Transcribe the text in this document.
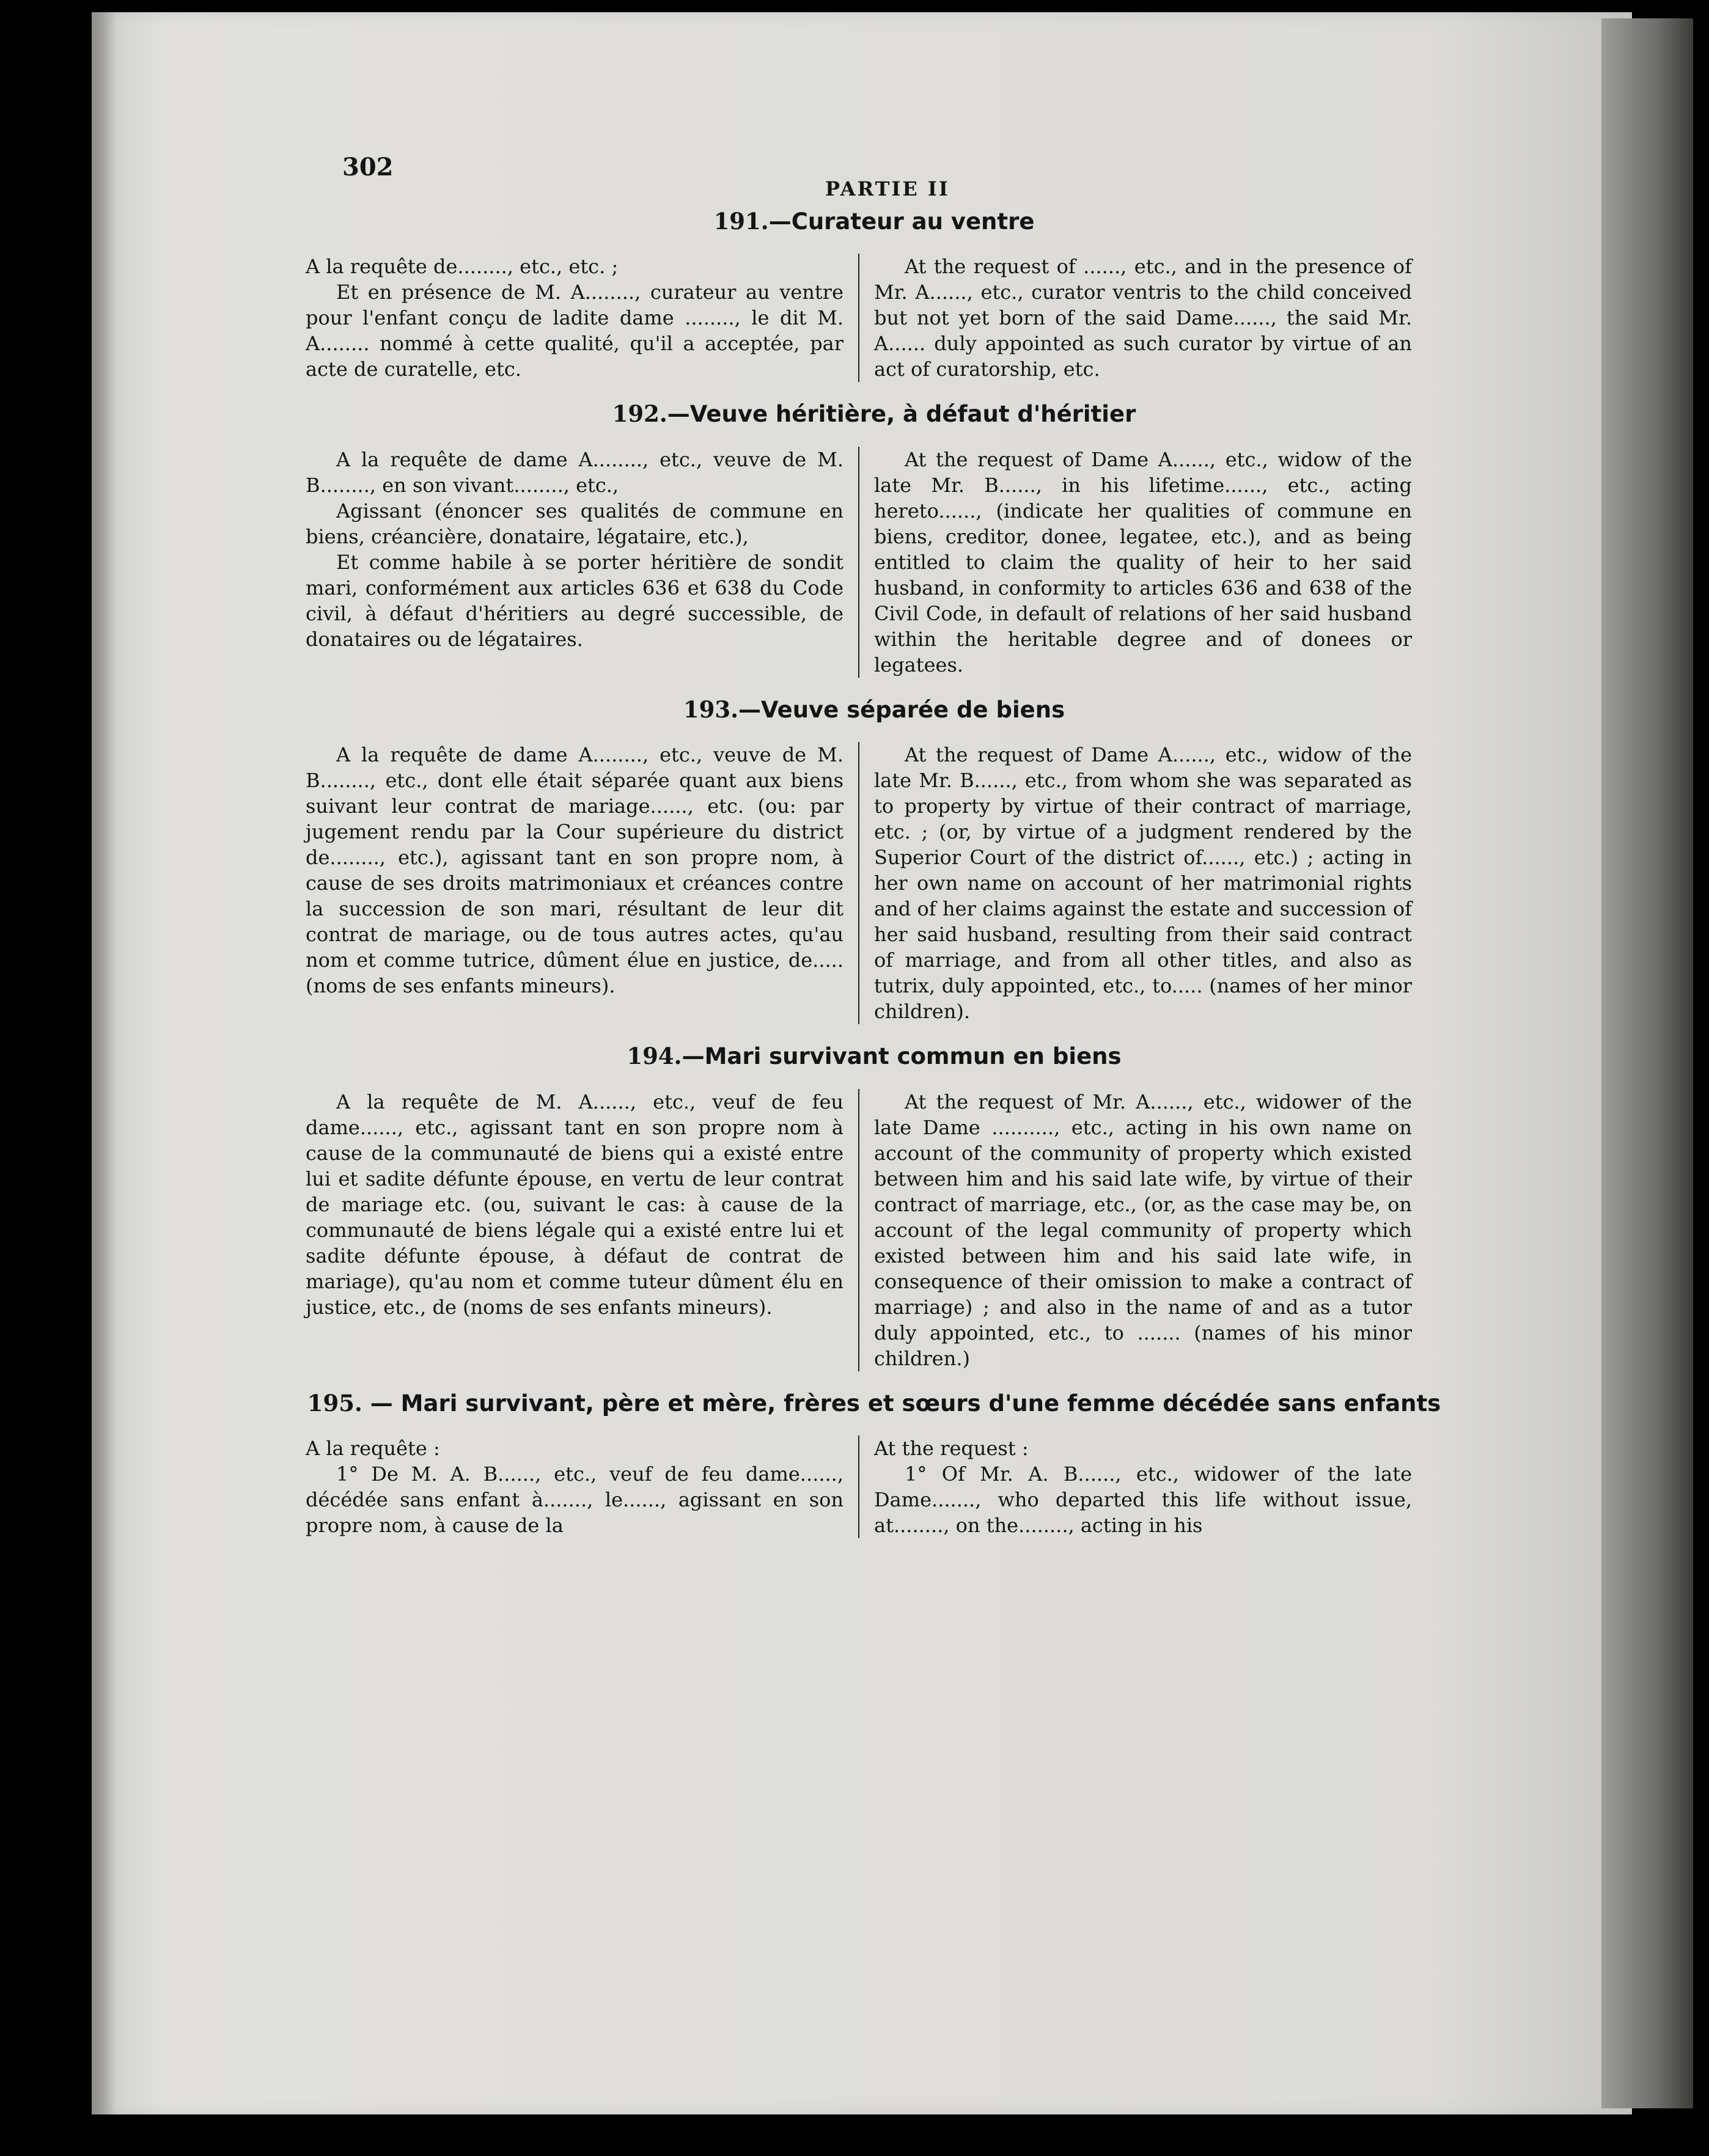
302
PARTIE II
191.—Curateur au ventre

A la requête de........, etc., etc. ;

Et en présence de M. A........, curateur au ventre pour l'enfant conçu de ladite dame ........, le dit M. A........ nommé à cette qualité, qu'il a acceptée, par acte de curatelle, etc.

At the request of ......, etc., and in the presence of Mr. A......, etc., curator ventris to the child conceived but not yet born of the said Dame......, the said Mr. A...... duly appointed as such curator by virtue of an act of curatorship, etc.

192.—Veuve héritière, à défaut d'héritier

A la requête de dame A........, etc., veuve de M. B........, en son vivant........, etc.,

Agissant (énoncer ses qualités de commune en biens, créancière, donataire, légataire, etc.),

Et comme habile à se porter héritière de sondit mari, conformément aux articles 636 et 638 du Code civil, à défaut d'héritiers au degré successible, de donataires ou de légataires.

At the request of Dame A......, etc., widow of the late Mr. B......, in his lifetime......, etc., acting hereto......, (indicate her qualities of commune en biens, creditor, donee, legatee, etc.), and as being entitled to claim the quality of heir to her said husband, in conformity to articles 636 and 638 of the Civil Code, in default of relations of her said husband within the heritable degree and of donees or legatees.

193.—Veuve séparée de biens

A la requête de dame A........, etc., veuve de M. B........, etc., dont elle était séparée quant aux biens suivant leur contrat de mariage......, etc. (ou: par jugement rendu par la Cour supérieure du district de........, etc.), agissant tant en son propre nom, à cause de ses droits matrimoniaux et créances contre la succession de son mari, résultant de leur dit contrat de mariage, ou de tous autres actes, qu'au nom et comme tutrice, dûment élue en justice, de..... (noms de ses enfants mineurs).

At the request of Dame A......, etc., widow of the late Mr. B......, etc., from whom she was separated as to property by virtue of their contract of marriage, etc. ; (or, by virtue of a judgment rendered by the Superior Court of the district of......, etc.) ; acting in her own name on account of her matrimonial rights and of her claims against the estate and succession of her said husband, resulting from their said contract of marriage, and from all other titles, and also as tutrix, duly appointed, etc., to..... (names of her minor children).

194.—Mari survivant commun en biens

A la requête de M. A......, etc., veuf de feu dame......, etc., agissant tant en son propre nom à cause de la communauté de biens qui a existé entre lui et sadite défunte épouse, en vertu de leur contrat de mariage etc. (ou, suivant le cas: à cause de la communauté de biens légale qui a existé entre lui et sadite défunte épouse, à défaut de contrat de mariage), qu'au nom et comme tuteur dûment élu en justice, etc., de (noms de ses enfants mineurs).

At the request of Mr. A......, etc., widower of the late Dame .........., etc., acting in his own name on account of the community of property which existed between him and his said late wife, by virtue of their contract of marriage, etc., (or, as the case may be, on account of the legal community of property which existed between him and his said late wife, in consequence of their omission to make a contract of marriage) ; and also in the name of and as a tutor duly appointed, etc., to ....... (names of his minor children.)

195. — Mari survivant, père et mère, frères et sœurs d'une femme décédée sans enfants

A la requête :

1° De M. A. B......, etc., veuf de feu dame......, décédée sans enfant à......., le......, agissant en son propre nom, à cause de la

At the request :

1° Of Mr. A. B......, etc., widower of the late Dame......., who departed this life without issue, at........, on the........, acting in his
